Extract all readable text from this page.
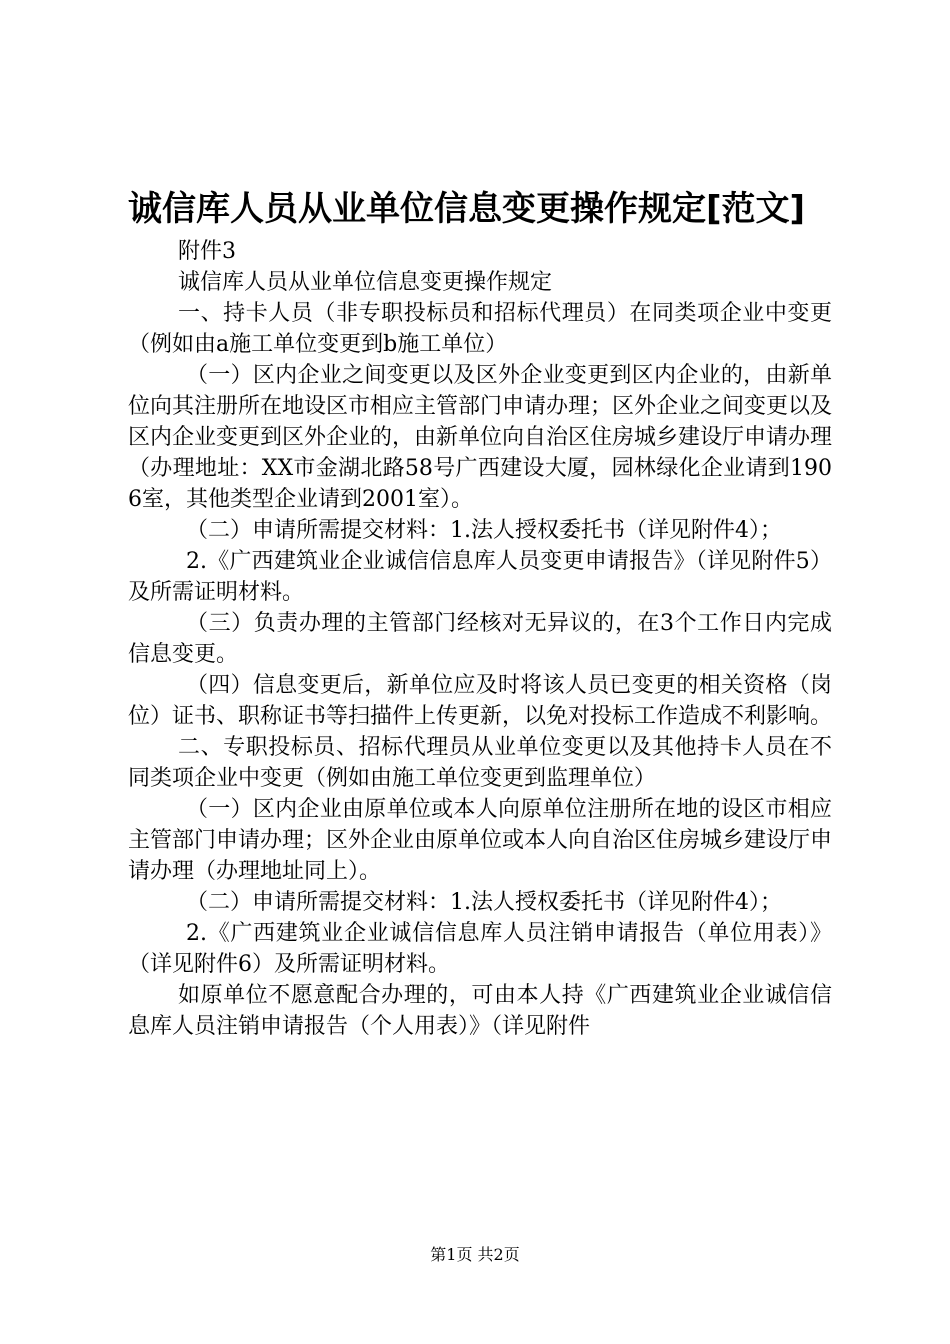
诚信库人员从业单位信息变更操作规定[范文]

附件3

诚信库人员从业单位信息变更操作规定

一、持卡人员（非专职投标员和招标代理员）在同类项企业中变更（例如由a施工单位变更到b施工单位）

（一）区内企业之间变更以及区外企业变更到区内企业的，由新单位向其注册所在地设区市相应主管部门申请办理；区外企业之间变更以及区内企业变更到区外企业的，由新单位向自治区住房城乡建设厅申请办理（办理地址：XX市金湖北路58号广西建设大厦，园林绿化企业请到1906室，其他类型企业请到2001室）。

（二）申请所需提交材料：1.法人授权委托书（详见附件4）；

2.《广西建筑业企业诚信信息库人员变更申请报告》（详见附件5）及所需证明材料。

（三）负责办理的主管部门经核对无异议的，在3个工作日内完成信息变更。

（四）信息变更后，新单位应及时将该人员已变更的相关资格（岗位）证书、职称证书等扫描件上传更新，以免对投标工作造成不利影响。

二、专职投标员、招标代理员从业单位变更以及其他持卡人员在不同类项企业中变更（例如由施工单位变更到监理单位）

（一）区内企业由原单位或本人向原单位注册所在地的设区市相应主管部门申请办理；区外企业由原单位或本人向自治区住房城乡建设厅申请办理（办理地址同上）。

（二）申请所需提交材料：1.法人授权委托书（详见附件4）；

2.《广西建筑业企业诚信信息库人员注销申请报告（单位用表）》（详见附件6）及所需证明材料。

如原单位不愿意配合办理的，可由本人持《广西建筑业企业诚信信息库人员注销申请报告（个人用表）》（详见附件

第1页 共2页
